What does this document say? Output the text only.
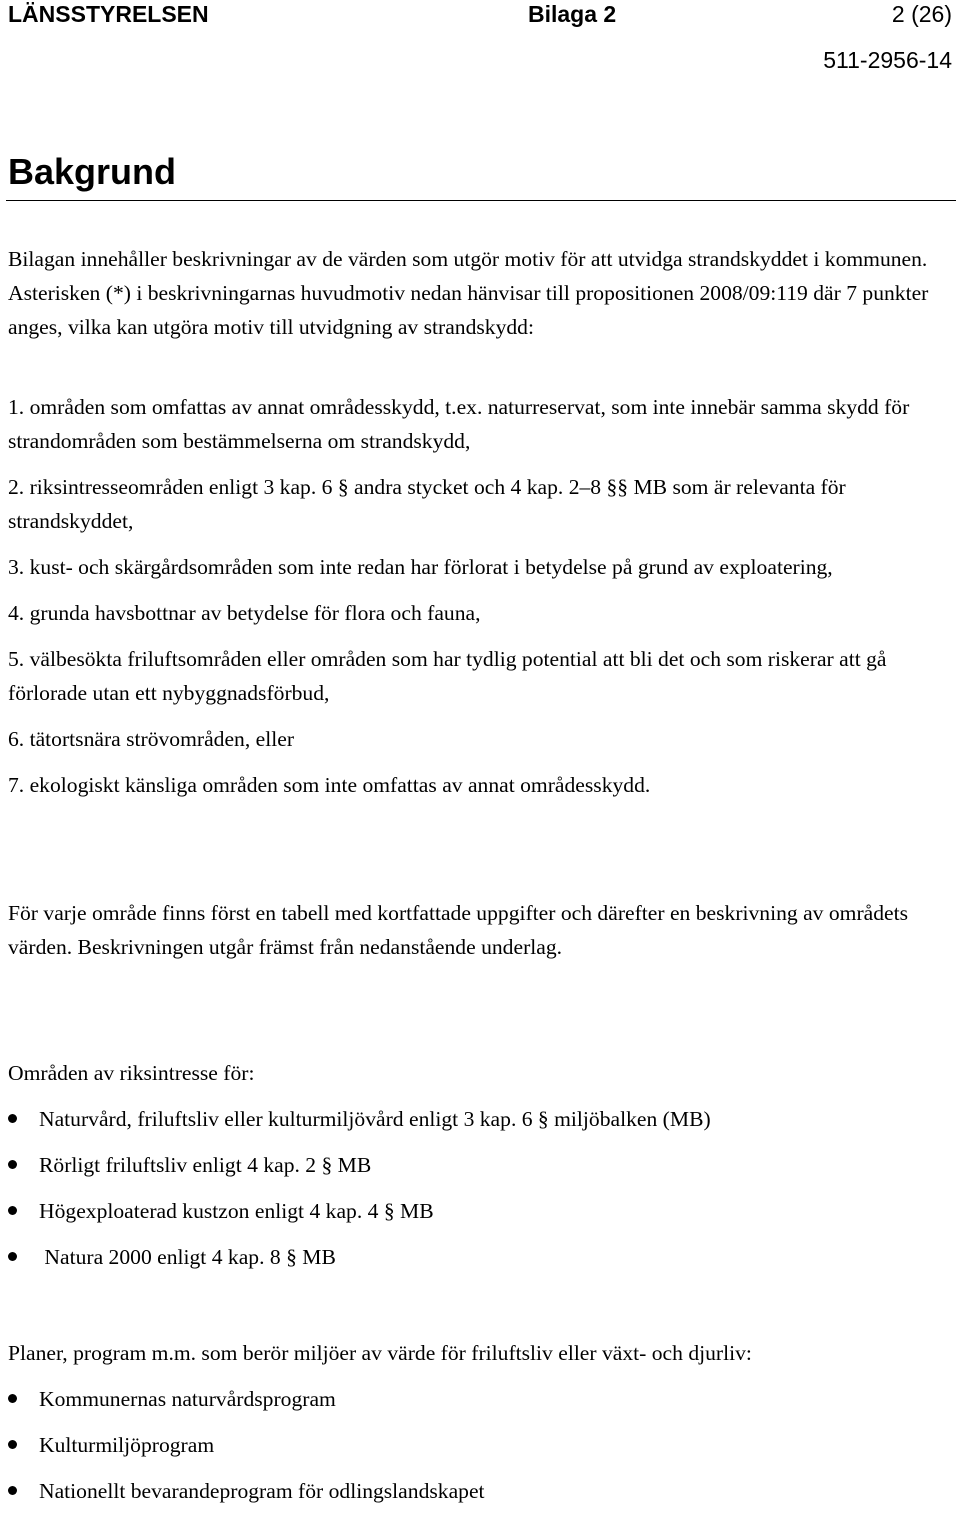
LÄNSSTYRELSEN	Bilaga 2	2 (26)
511-2956-14
Bakgrund

Bilagan innehåller beskrivningar av de värden som utgör motiv för att utvidga strandskyddet i kommunen. Asterisken (*) i beskrivningarnas huvudmotiv nedan hänvisar till propositionen 2008/09:119 där 7 punkter anges, vilka kan utgöra motiv till utvidgning av strandskydd:

1. områden som omfattas av annat områdesskydd, t.ex. naturreservat, som inte innebär samma skydd för strandområden som bestämmelserna om strandskydd,

2. riksintresseområden enligt 3 kap. 6 § andra stycket och 4 kap. 2–8 §§ MB som är relevanta för strandskyddet,

3. kust- och skärgårdsområden som inte redan har förlorat i betydelse på grund av exploatering,

4. grunda havsbottnar av betydelse för flora och fauna,

5. välbesökta friluftsområden eller områden som har tydlig potential att bli det och som riskerar att gå förlorade utan ett nybyggnadsförbud,

6. tätortsnära strövområden, eller

7. ekologiskt känsliga områden som inte omfattas av annat områdesskydd.

För varje område finns först en tabell med kortfattade uppgifter och därefter en beskrivning av områdets värden. Beskrivningen utgår främst från nedanstående underlag.

Områden av riksintresse för:

Naturvård, friluftsliv eller kulturmiljövård enligt 3 kap. 6 § miljöbalken (MB)
Rörligt friluftsliv enligt 4 kap. 2 § MB
Högexploaterad kustzon enligt 4 kap. 4 § MB
Natura 2000 enligt 4 kap. 8 § MB

Planer, program m.m. som berör miljöer av värde för friluftsliv eller växt- och djurliv:

Kommunernas naturvårdsprogram
Kulturmiljöprogram
Nationellt bevarandeprogram för odlingslandskapet
